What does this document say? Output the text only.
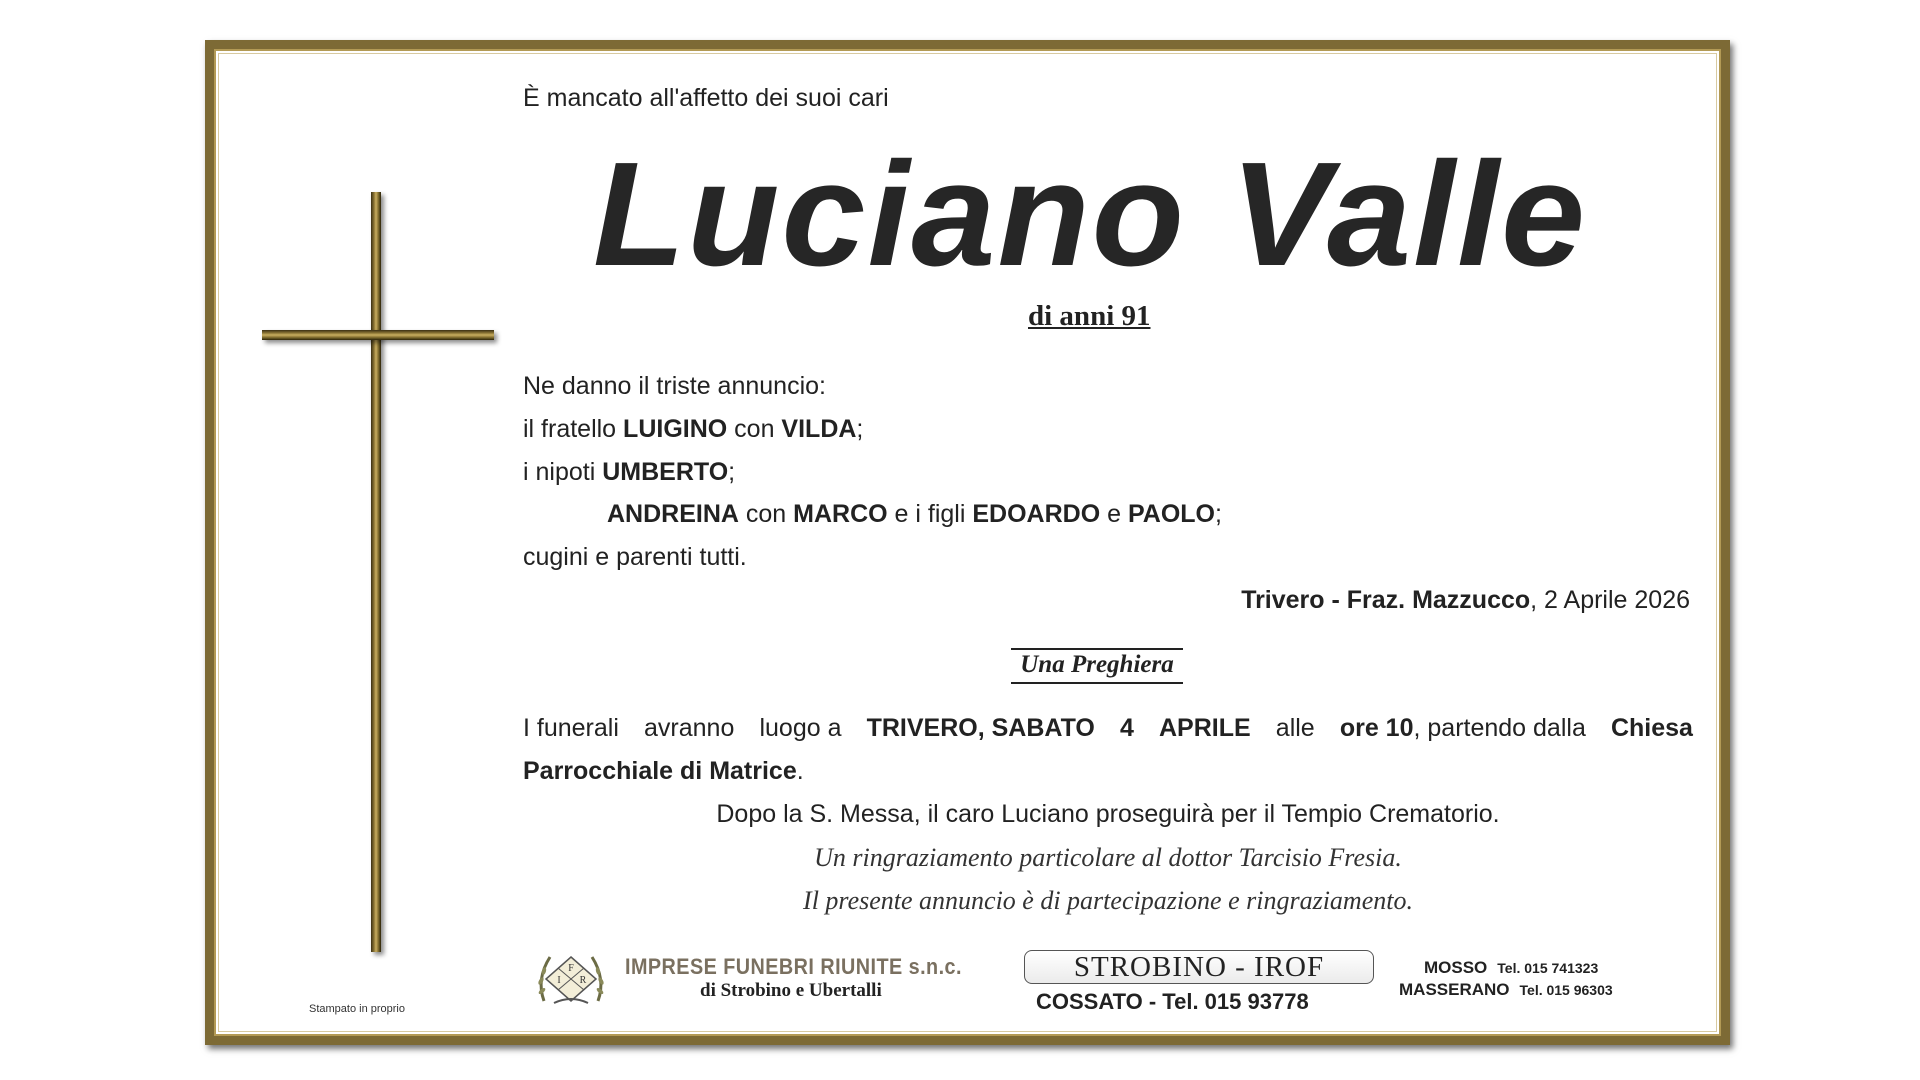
È mancato all'affetto dei suoi cari
Luciano Valle
di anni 91
Ne danno il triste annuncio:
il fratello LUIGINO con VILDA;
i nipoti UMBERTO;
ANDREINA con MARCO e i figli EDOARDO e PAOLO;
cugini e parenti tutti.
Trivero - Fraz. Mazzucco, 2 Aprile 2026
Una Preghiera
I funerali avranno luogo a TRIVERO, SABATO 4 APRILE alle ore 10, partendo dalla Chiesa
Parrocchiale di Matrice.
Dopo la S. Messa, il caro Luciano proseguirà per il Tempio Crematorio.
Un ringraziamento particolare al dottor Tarcisio Fresia.
Il presente annuncio è di partecipazione e ringraziamento.
Stampato in proprio
F
I R
IMPRESE FUNEBRI RIUNITE s.n.c.
di Strobino e Ubertalli
STROBINO - IROF
COSSATO - Tel. 015 93778
MOSSO Tel. 015 741323
MASSERANO Tel. 015 96303
